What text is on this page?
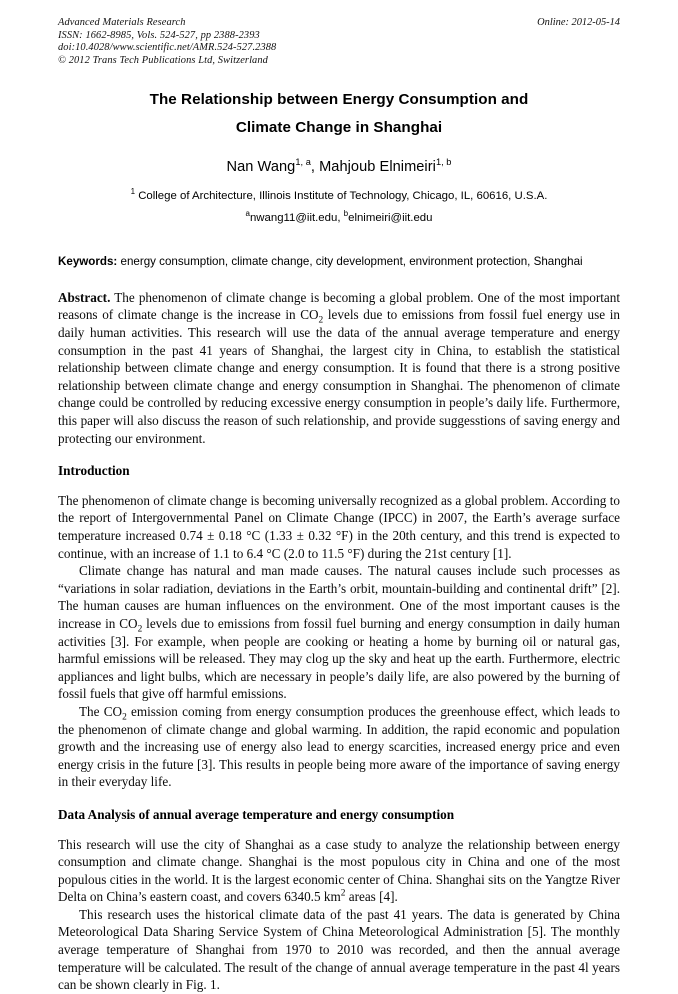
Advanced Materials Research
ISSN: 1662-8985, Vols. 524-527, pp 2388-2393
doi:10.4028/www.scientific.net/AMR.524-527.2388
© 2012 Trans Tech Publications Ltd, Switzerland
Online: 2012-05-14
The Relationship between Energy Consumption and
Climate Change in Shanghai
Nan Wang$^{1, a}$, Mahjoub Elnimeiri$^{1, b}$
$^1$ College of Architecture, Illinois Institute of Technology, Chicago, IL, 60616, U.S.A.
$^a$nwang11@iit.edu, $^b$elnimeiri@iit.edu
Keywords: energy consumption, climate change, city development, environment protection, Shanghai
Abstract. The phenomenon of climate change is becoming a global problem. One of the most important reasons of climate change is the increase in $CO_2$ levels due to emissions from fossil fuel energy use in daily human activities. This research will use the data of the annual average temperature and energy consumption in the past 41 years of Shanghai, the largest city in China, to establish the statistical relationship between climate change and energy consumption. It is found that there is a strong positive relationship between climate change and energy consumption in Shanghai. The phenomenon of climate change could be controlled by reducing excessive energy consumption in people’s daily life. Furthermore, this paper will also discuss the reason of such relationship, and provide suggesstions of saving energy and protecting our environment.
Introduction

The phenomenon of climate change is becoming universally recognized as a global problem. According to the report of Intergovernmental Panel on Climate Change (IPCC) in 2007, the Earth’s average surface temperature increased 0.74 ± 0.18 °C (1.33 ± 0.32 °F) in the 20th century, and this trend is expected to continue, with an increase of 1.1 to 6.4 °C (2.0 to 11.5 °F) during the 21st century [1].

Climate change has natural and man made causes. The natural causes include such processes as “variations in solar radiation, deviations in the Earth’s orbit, mountain-building and continental drift” [2]. The human causes are human influences on the environment. One of the most important causes is the increase in $CO_2$ levels due to emissions from fossil fuel burning and energy consumption in daily human activities [3]. For example, when people are cooking or heating a home by burning oil or natural gas, harmful emissions will be released. They may clog up the sky and heat up the earth. Furthermore, electric appliances and light bulbs, which are necessary in people’s daily life, are also powered by the burning of fossil fuels that give off harmful emissions.

The $CO_2$ emission coming from energy consumption produces the greenhouse effect, which leads to the phenomenon of climate change and global warming. In addition, the rapid economic and population growth and the increasing use of energy also lead to energy scarcities, increased energy price and even energy crisis in the future [3]. This results in people being more aware of the importance of saving energy in their everyday life.

Data Analysis of annual average temperature and energy consumption

This research will use the city of Shanghai as a case study to analyze the relationship between energy consumption and climate change. Shanghai is the most populous city in China and one of the most populous cities in the world. It is the largest economic center of China. Shanghai sits on the Yangtze River Delta on China’s eastern coast, and covers 6340.5 $km^2$ areas [4].

This research uses the historical climate data of the past 41 years. The data is generated by China Meteorological Data Sharing Service System of China Meteorological Administration [5]. The monthly average temperature of Shanghai from 1970 to 2010 was recorded, and then the annual average temperature will be calculated. The result of the change of annual average temperature in the past 4l years can be shown clearly in Fig. 1.
